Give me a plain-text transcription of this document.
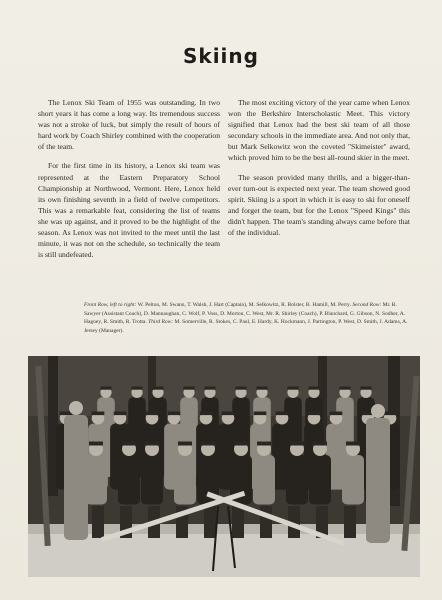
Skiing

The Lenox Ski Team of 1955 was outstanding. In two short years it has come a long way. Its tremendous success was not a stroke of luck, but simply the result of hours of hard work by Coach Shirley combined with the cooperation of the team.

For the first time in its history, a Lenox ski team was represented at the Eastern Preparatory School Championship at Northwood, Vermont. Here, Lenox held its own finishing seventh in a field of twelve competitors. This was a remarkable feat, considering the list of teams she was up against, and it proved to be the highlight of the season. As Lenox was not invited to the meet until the last minute, it was not on the schedule, so technically the team is still undefeated.

The most exciting victory of the year came when Lenox won the Berkshire Interscholastic Meet. This victory signified that Lenox had the best ski team of all those secondary schools in the immediate area. And not only that, but Mark Selkowitz won the coveted "Skimeister" award, which proved him to be the best all-round skier in the meet.

The season provided many thrills, and a bigger-than-ever turn-out is expected next year. The team showed good spirit. Skiing is a sport in which it is easy to ski for oneself and forget the team, but for the Lenox "Speed Kings" this didn't happen. The team's standing always came before that of the individual.

Front Row, left to right: W. Pelton, M. Swann, T. Walsh, J. Hart (Captain), M. Selkowitz, R. Bolster, B. Hamill, M. Perry. Second Row: Mr. R. Sawyer (Assistant Coach), D. Mannaughan, C. Wolf, P. Voss, D. Morton, C. West, Mr. R. Shirley (Coach), P. Blanchard, G. Gibson, N. Sodher, A. Hagoey, R. Smith, R. Trotta. Third Row: M. Somerville, R. Stokes, C. Paul, E. Hardy, K. Hockmann, J. Partington, P. West, D. Smith, J. Adams, A. Jersey (Manager).
